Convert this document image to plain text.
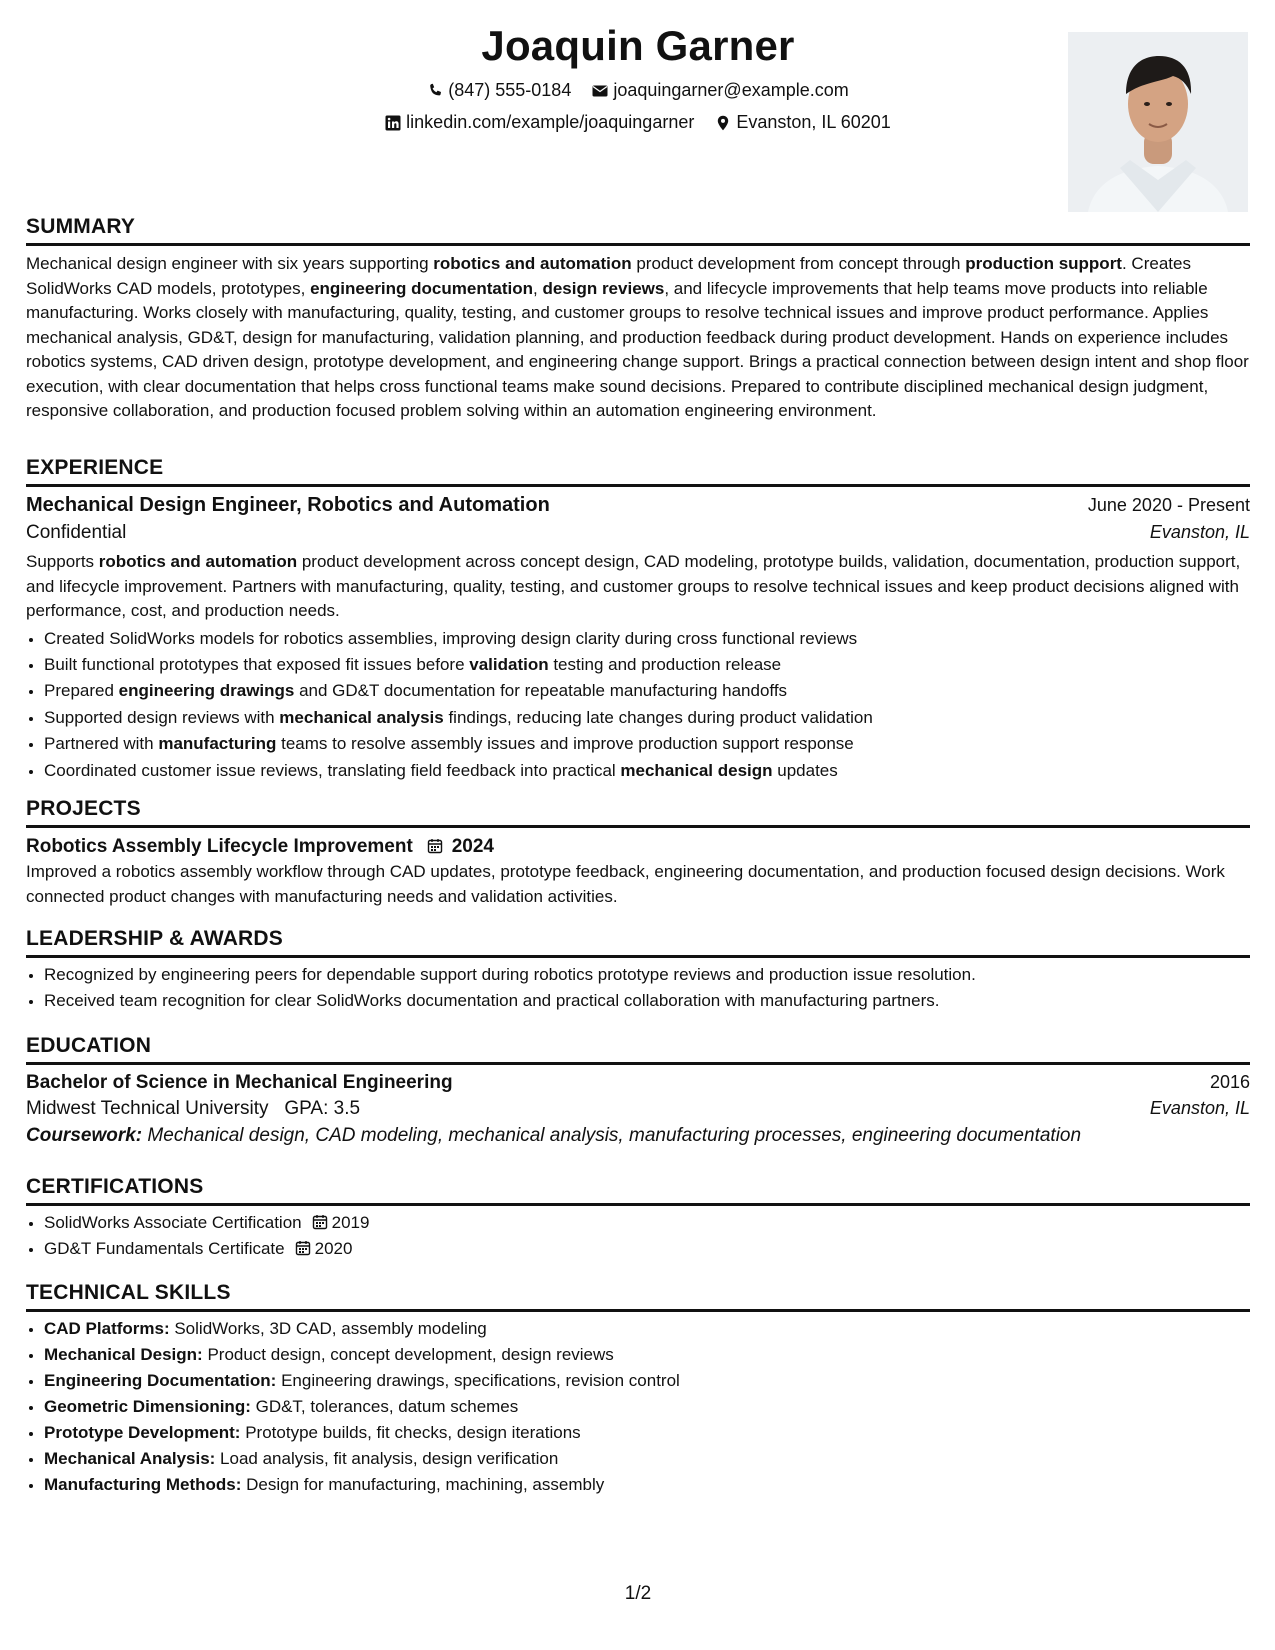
Joaquin Garner
(847) 555-0184
joaquingarner@example.com
linkedin.com/example/joaquingarner
Evanston, IL 60201
SUMMARY
Mechanical design engineer with six years supporting robotics and automation product development from concept through production support. Creates SolidWorks CAD models, prototypes, engineering documentation, design reviews, and lifecycle improvements that help teams move products into reliable manufacturing. Works closely with manufacturing, quality, testing, and customer groups to resolve technical issues and improve product performance. Applies mechanical analysis, GD&T, design for manufacturing, validation planning, and production feedback during product development. Hands on experience includes robotics systems, CAD driven design, prototype development, and engineering change support. Brings a practical connection between design intent and shop floor execution, with clear documentation that helps cross functional teams make sound decisions. Prepared to contribute disciplined mechanical design judgment, responsive collaboration, and production focused problem solving within an automation engineering environment.
EXPERIENCE
Mechanical Design Engineer, Robotics and Automation	June 2020 - Present
Confidential	Evanston, IL
Supports robotics and automation product development across concept design, CAD modeling, prototype builds, validation, documentation, production support, and lifecycle improvement. Partners with manufacturing, quality, testing, and customer groups to resolve technical issues and keep product decisions aligned with performance, cost, and production needs.
• Created SolidWorks models for robotics assemblies, improving design clarity during cross functional reviews
• Built functional prototypes that exposed fit issues before validation testing and production release
• Prepared engineering drawings and GD&T documentation for repeatable manufacturing handoffs
• Supported design reviews with mechanical analysis findings, reducing late changes during product validation
• Partnered with manufacturing teams to resolve assembly issues and improve production support response
• Coordinated customer issue reviews, translating field feedback into practical mechanical design updates
PROJECTS
Robotics Assembly Lifecycle Improvement 2024
Improved a robotics assembly workflow through CAD updates, prototype feedback, engineering documentation, and production focused design decisions. Work connected product changes with manufacturing needs and validation activities.
LEADERSHIP & AWARDS
• Recognized by engineering peers for dependable support during robotics prototype reviews and production issue resolution.
• Received team recognition for clear SolidWorks documentation and practical collaboration with manufacturing partners.
EDUCATION
Bachelor of Science in Mechanical Engineering	2016
Midwest Technical University GPA: 3.5	Evanston, IL
Coursework: Mechanical design, CAD modeling, mechanical analysis, manufacturing processes, engineering documentation
CERTIFICATIONS
• SolidWorks Associate Certification 2019
• GD&T Fundamentals Certificate 2020
TECHNICAL SKILLS
• CAD Platforms: SolidWorks, 3D CAD, assembly modeling
• Mechanical Design: Product design, concept development, design reviews
• Engineering Documentation: Engineering drawings, specifications, revision control
• Geometric Dimensioning: GD&T, tolerances, datum schemes
• Prototype Development: Prototype builds, fit checks, design iterations
• Mechanical Analysis: Load analysis, fit analysis, design verification
• Manufacturing Methods: Design for manufacturing, machining, assembly
1/2
